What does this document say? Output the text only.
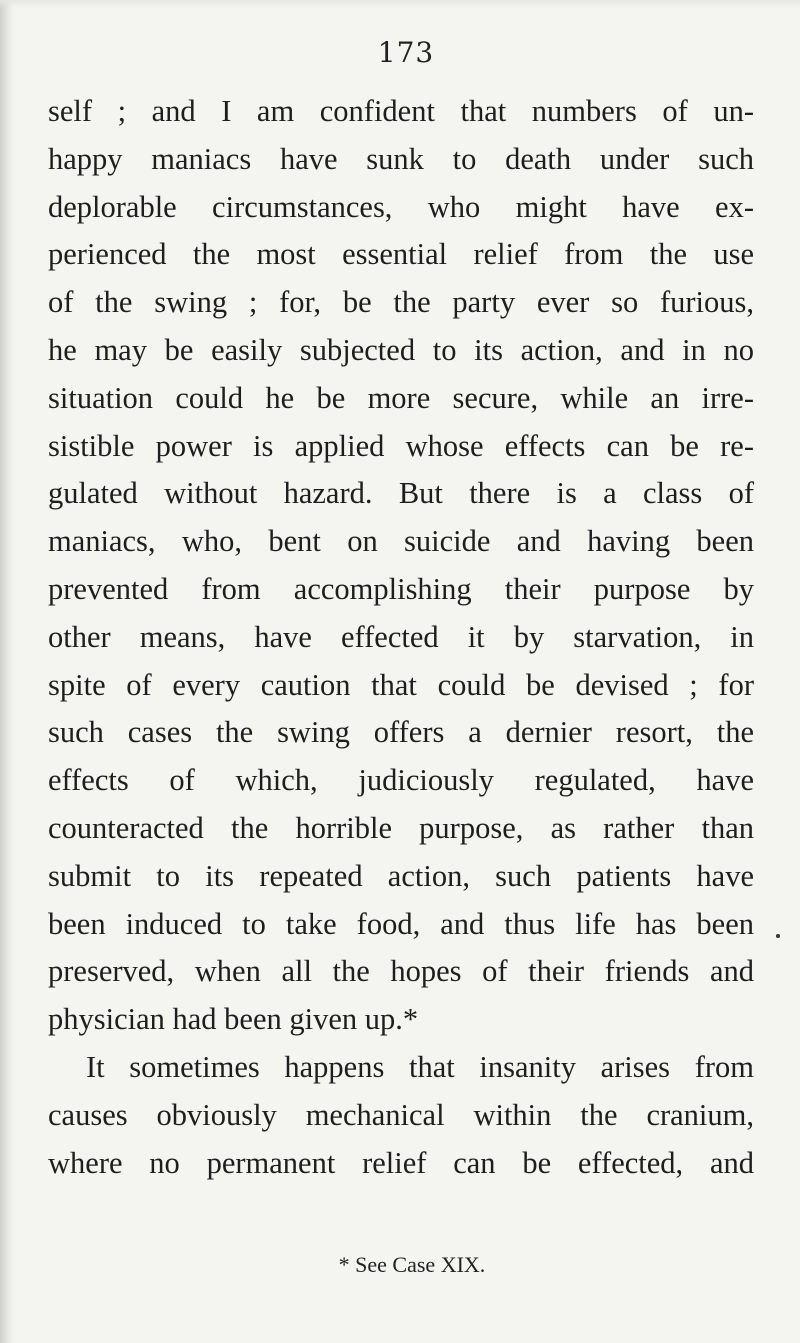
173
self ; and I am confident that numbers of un-
happy maniacs have sunk to death under such
deplorable circumstances, who might have ex-
perienced the most essential relief from the use
of the swing ; for, be the party ever so furious,
he may be easily subjected to its action, and in no
situation could he be more secure, while an irre-
sistible power is applied whose effects can be re-
gulated without hazard. But there is a class of
maniacs, who, bent on suicide and having been
prevented from accomplishing their purpose by
other means, have effected it by starvation, in
spite of every caution that could be devised ; for
such cases the swing offers a dernier resort, the
effects of which, judiciously regulated, have
counteracted the horrible purpose, as rather than
submit to its repeated action, such patients have
been induced to take food, and thus life has been
preserved, when all the hopes of their friends and
physician had been given up.*
It sometimes happens that insanity arises from
causes obviously mechanical within the cranium,
where no permanent relief can be effected, and
* See Case XIX.
